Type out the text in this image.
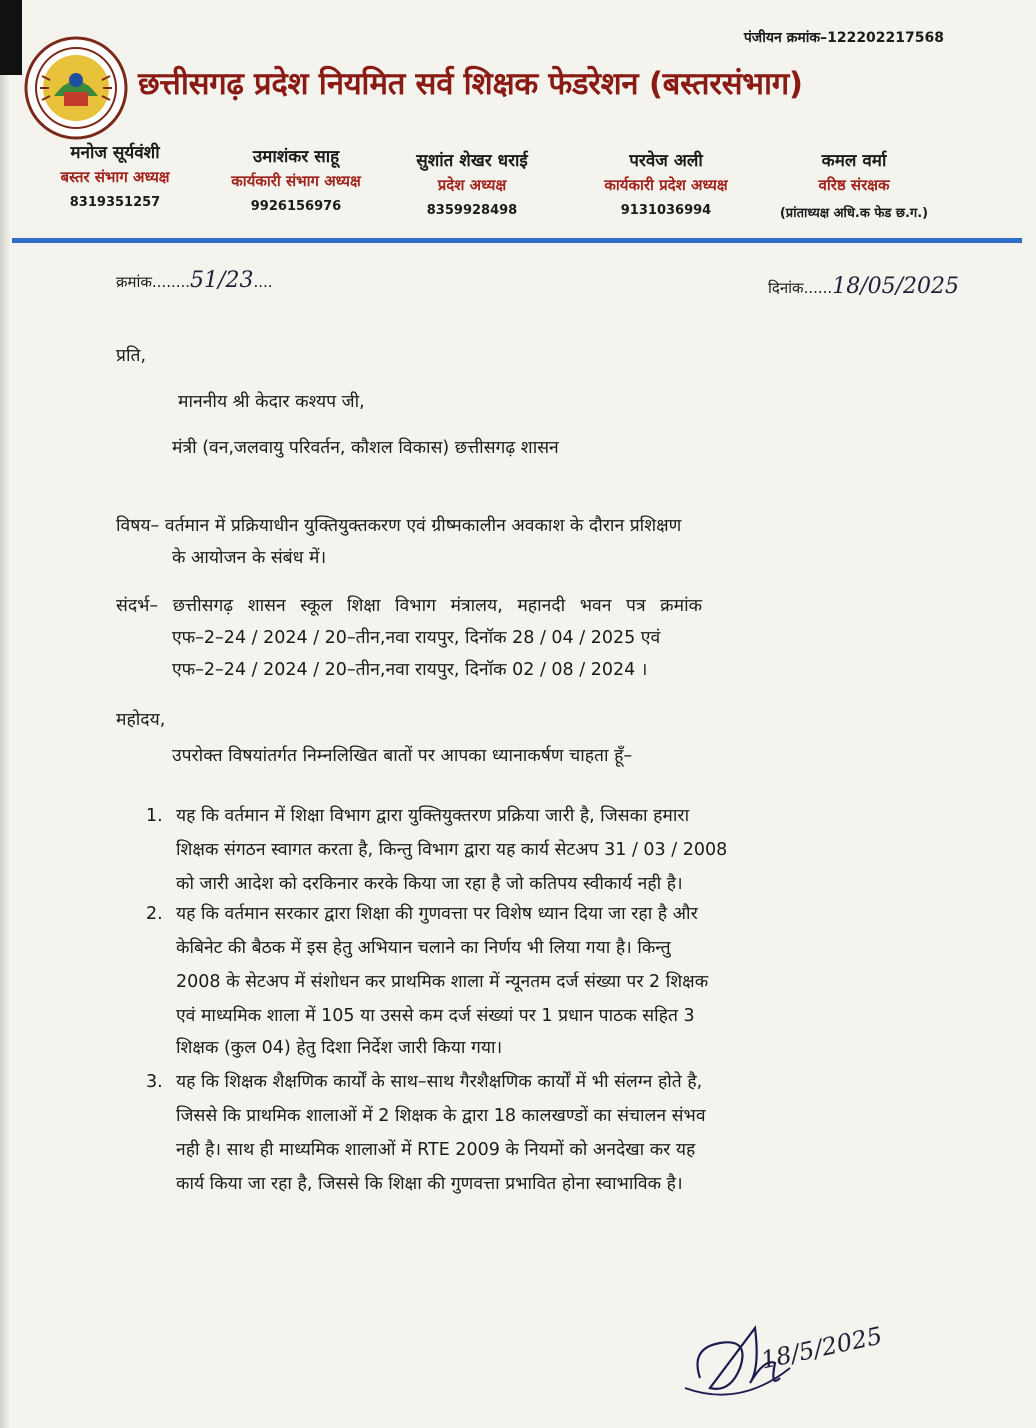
पंजीयन क्रमांक–122202217568
छत्तीसगढ़ प्रदेश नियमित सर्व शिक्षक फेडरेशन (बस्तरसंभाग)
मनोज सूर्यवंशी
बस्तर संभाग अध्यक्ष
8319351257
उमाशंकर साहू
कार्यकारी संभाग अध्यक्ष
9926156976
सुशांत शेखर धराई
प्रदेश अध्यक्ष
8359928498
परवेज अली
कार्यकारी प्रदेश अध्यक्ष
9131036994
कमल वर्मा
वरिष्ठ संरक्षक
(प्रांताध्यक्ष अधि.क फेड छ.ग.)
क्रमांक........51/23....	दिनांक......18/05/2025
प्रति,
माननीय श्री केदार कश्यप जी,
मंत्री (वन,जलवायु परिवर्तन, कौशल विकास) छत्तीसगढ़ शासन
विषय– वर्तमान में प्रक्रियाधीन युक्तियुक्तकरण एवं ग्रीष्मकालीन अवकाश के दौरान प्रशिक्षण
के आयोजन के संबंध में।
संदर्भ– छत्तीसगढ़ शासन स्कूल शिक्षा विभाग मंत्रालय, महानदी भवन पत्र क्रमांक
एफ–2–24 / 2024 / 20–तीन,नवा रायपुर, दिनॉक 28 / 04 / 2025 एवं
एफ–2–24 / 2024 / 20–तीन,नवा रायपुर, दिनॉक 02 / 08 / 2024 ।
महोदय,
उपरोक्त विषयांतर्गत निम्नलिखित बातों पर आपका ध्यानाकर्षण चाहता हूँ–
1. यह कि वर्तमान में शिक्षा विभाग द्वारा युक्तियुक्तरण प्रक्रिया जारी है, जिसका हमारा
शिक्षक संगठन स्वागत करता है, किन्तु विभाग द्वारा यह कार्य सेटअप 31 / 03 / 2008
को जारी आदेश को दरकिनार करके किया जा रहा है जो कतिपय स्वीकार्य नही है।
2. यह कि वर्तमान सरकार द्वारा शिक्षा की गुणवत्ता पर विशेष ध्यान दिया जा रहा है और
केबिनेट की बैठक में इस हेतु अभियान चलाने का निर्णय भी लिया गया है। किन्तु
2008 के सेटअप में संशोधन कर प्राथमिक शाला में न्यूनतम दर्ज संख्या पर 2 शिक्षक
एवं माध्यमिक शाला में 105 या उससे कम दर्ज संख्यां पर 1 प्रधान पाठक सहित 3
शिक्षक (कुल 04) हेतु दिशा निर्देश जारी किया गया।
3. यह कि शिक्षक शैक्षणिक कार्यों के साथ–साथ गैरशैक्षणिक कार्यों में भी संलग्न होते है,
जिससे कि प्राथमिक शालाओं में 2 शिक्षक के द्वारा 18 कालखण्डों का संचालन संभव
नही है। साथ ही माध्यमिक शालाओं में RTE 2009 के नियमों को अनदेखा कर यह
कार्य किया जा रहा है, जिससे कि शिक्षा की गुणवत्ता प्रभावित होना स्वाभाविक है।
18/5/2025
